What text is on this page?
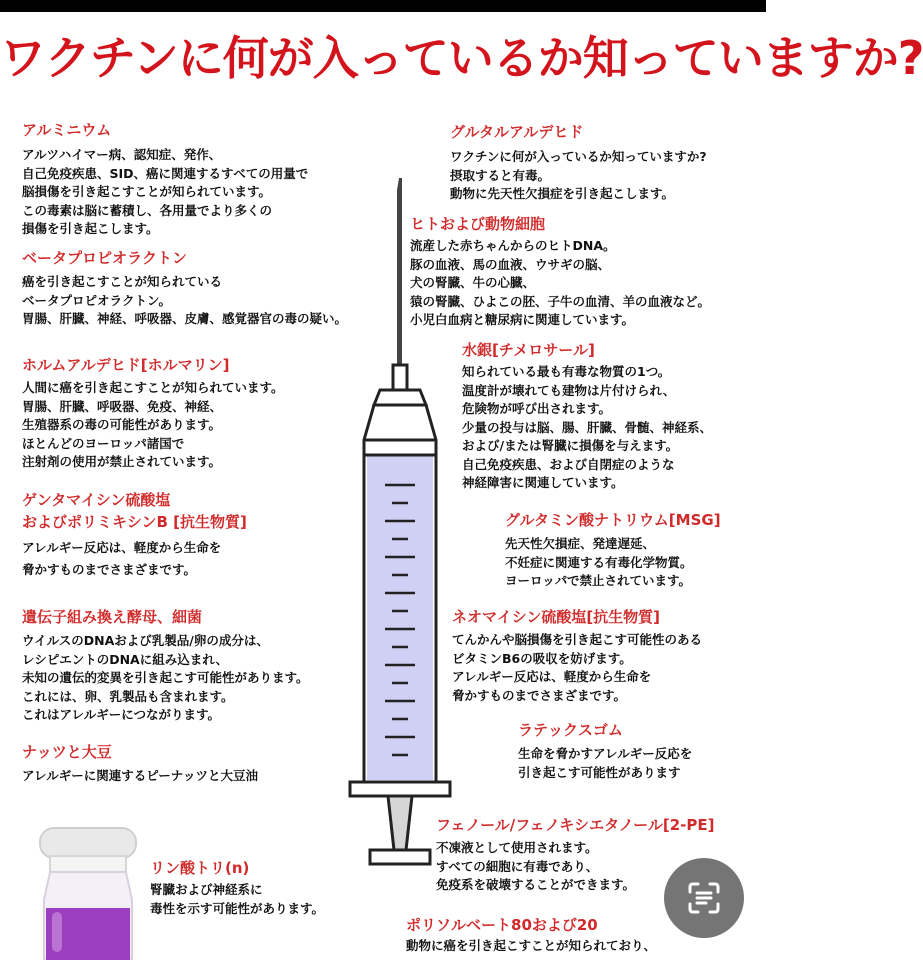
ワクチンに何が入っているか知っていますか?
アルミニウム

アルツハイマー病、認知症、発作、
自己免疫疾患、SID、癌に関連するすべての用量で
脳損傷を引き起こすことが知られています。
この毒素は脳に蓄積し、各用量でより多くの
損傷を引き起こします。

ベータプロピオラクトン

癌を引き起こすことが知られている
ベータプロピオラクトン。
胃腸、肝臓、神経、呼吸器、皮膚、感覚器官の毒の疑い。

ホルムアルデヒド[ホルマリン]

人間に癌を引き起こすことが知られています。
胃腸、肝臓、呼吸器、免疫、神経、
生殖器系の毒の可能性があります。
ほとんどのヨーロッパ諸国で
注射剤の使用が禁止されています。

ゲンタマイシン硫酸塩
およびポリミキシンB [抗生物質]

アレルギー反応は、軽度から生命を
脅かすものまでさまざまです。

遺伝子組み換え酵母、細菌

ウイルスのDNAおよび乳製品/卵の成分は、
レシピエントのDNAに組み込まれ、
未知の遺伝的変異を引き起こす可能性があります。
これには、卵、乳製品も含まれます。
これはアレルギーにつながります。

ナッツと大豆

アレルギーに関連するピーナッツと大豆油

グルタルアルデヒド

ワクチンに何が入っているか知っていますか?
摂取すると有毒。
動物に先天性欠損症を引き起こします。

ヒトおよび動物細胞

流産した赤ちゃんからのヒトDNA。
豚の血液、馬の血液、ウサギの脳、
犬の腎臓、牛の心臓、
猿の腎臓、ひよこの胚、子牛の血清、羊の血液など。
小児白血病と糖尿病に関連しています。

水銀[チメロサール]

知られている最も有毒な物質の1つ。
温度計が壊れても建物は片付けられ、
危険物が呼び出されます。
少量の投与は脳、腸、肝臓、骨髄、神経系、
および/または腎臓に損傷を与えます。
自己免疫疾患、および自閉症のような
神経障害に関連しています。

グルタミン酸ナトリウム[MSG]

先天性欠損症、発達遅延、
不妊症に関連する有毒化学物質。
ヨーロッパで禁止されています。

ネオマイシン硫酸塩[抗生物質]

てんかんや脳損傷を引き起こす可能性のある
ビタミンB6の吸収を妨げます。
アレルギー反応は、軽度から生命を
脅かすものまでさまざまです。

ラテックスゴム

生命を脅かすアレルギー反応を
引き起こす可能性があります

フェノール/フェノキシエタノール[2-PE]

不凍液として使用されます。
すべての細胞に有毒であり、
免疫系を破壊することができます。

リン酸トリ(n)

腎臓および神経系に
毒性を示す可能性があります。

ポリソルベート80および20

動物に癌を引き起こすことが知られており、
